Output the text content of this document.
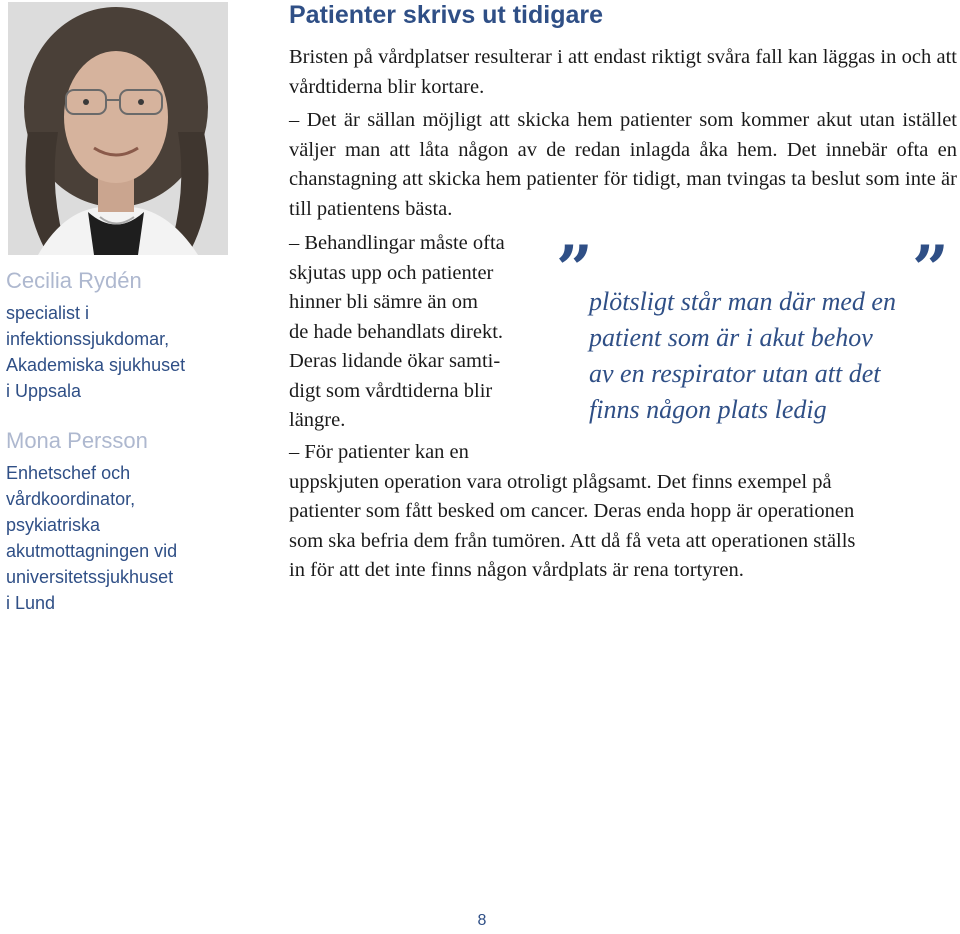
Cecilia Rydén
specialist i
infektionssjukdomar,
Akademiska sjukhuset
i Uppsala
Mona Persson
Enhetschef och
vårdkoordinator,
psykiatriska
akutmottagningen vid
universitetssjukhuset
i Lund
Patienter skrivs ut tidigare

Bristen på vårdplatser resulterar i att endast riktigt svåra fall kan läggas in och att vårdtiderna blir kortare.

– Det är sällan möjligt att skicka hem patienter som kommer akut utan istället väljer man att låta någon av de redan inlagda åka hem. Det innebär ofta en chanstagning att skicka hem patienter för tidigt, man tvingas ta beslut som inte är till patientens bästa.

– Behandlingar måste ofta
skjutas upp och patienter
hinner bli sämre än om
de hade behandlats direkt.
Deras lidande ökar samti-
digt som vårdtiderna blir
längre.
”	”
plötsligt står man där med en
patient som är i akut behov
av en respirator utan att det
finns någon plats ledig
– För patienter kan en
uppskjuten operation vara otroligt plågsamt. Det finns exempel på
patienter som fått besked om cancer. Deras enda hopp är operationen
som ska befria dem från tumören. Att då få veta att operationen ställs
in för att det inte finns någon vårdplats är rena tortyren.
8
